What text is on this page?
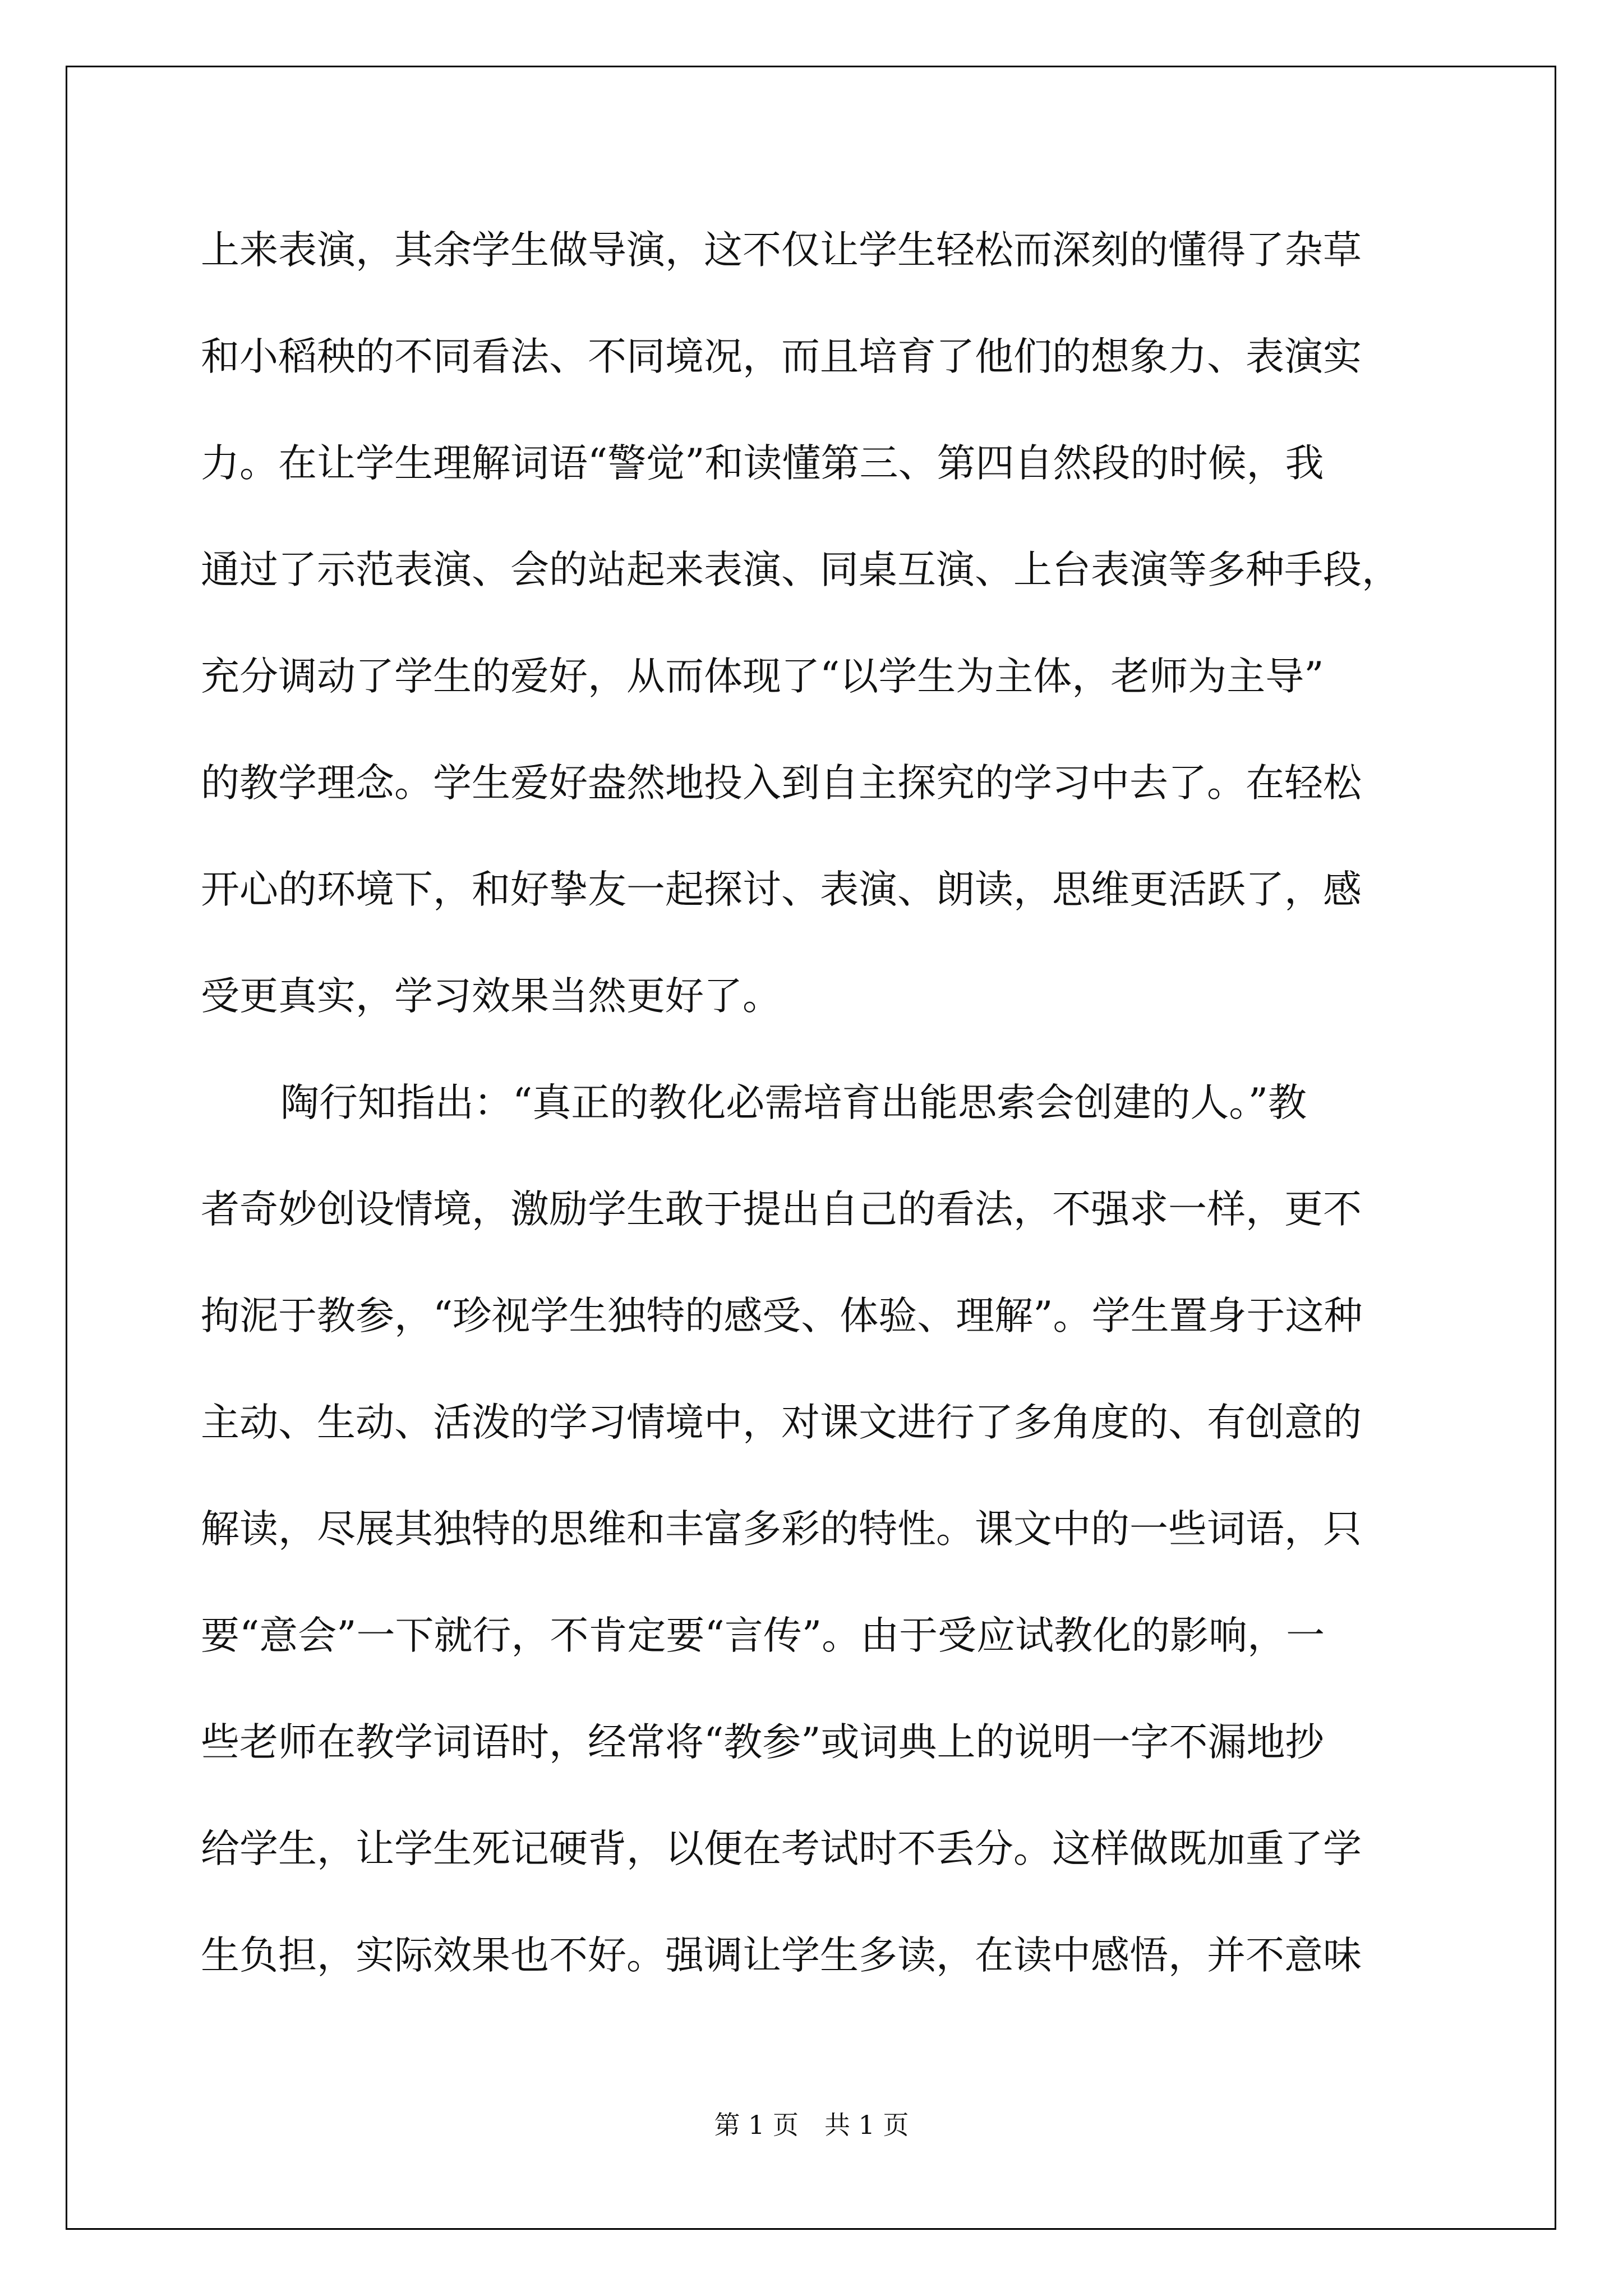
上来表演，其余学生做导演，这不仅让学生轻松而深刻的懂得了杂草
和小稻秧的不同看法、不同境况，而且培育了他们的想象力、表演实
力。在让学生理解词语“警觉”和读懂第三、第四自然段的时候，我
通过了示范表演、会的站起来表演、同桌互演、上台表演等多种手段，
充分调动了学生的爱好，从而体现了“以学生为主体，老师为主导”
的教学理念。学生爱好盎然地投入到自主探究的学习中去了。在轻松
开心的环境下，和好挚友一起探讨、表演、朗读，思维更活跃了，感
受更真实，学习效果当然更好了。
陶行知指出：“真正的教化必需培育出能思索会创建的人。”教
者奇妙创设情境，激励学生敢于提出自己的看法，不强求一样，更不
拘泥于教参，“珍视学生独特的感受、体验、理解”。学生置身于这种
主动、生动、活泼的学习情境中，对课文进行了多角度的、有创意的
解读，尽展其独特的思维和丰富多彩的特性。课文中的一些词语，只
要“意会”一下就行，不肯定要“言传”。由于受应试教化的影响，一
些老师在教学词语时，经常将“教参”或词典上的说明一字不漏地抄
给学生，让学生死记硬背，以便在考试时不丢分。这样做既加重了学
生负担，实际效果也不好。强调让学生多读，在读中感悟，并不意味
第 1 页　共 1 页
